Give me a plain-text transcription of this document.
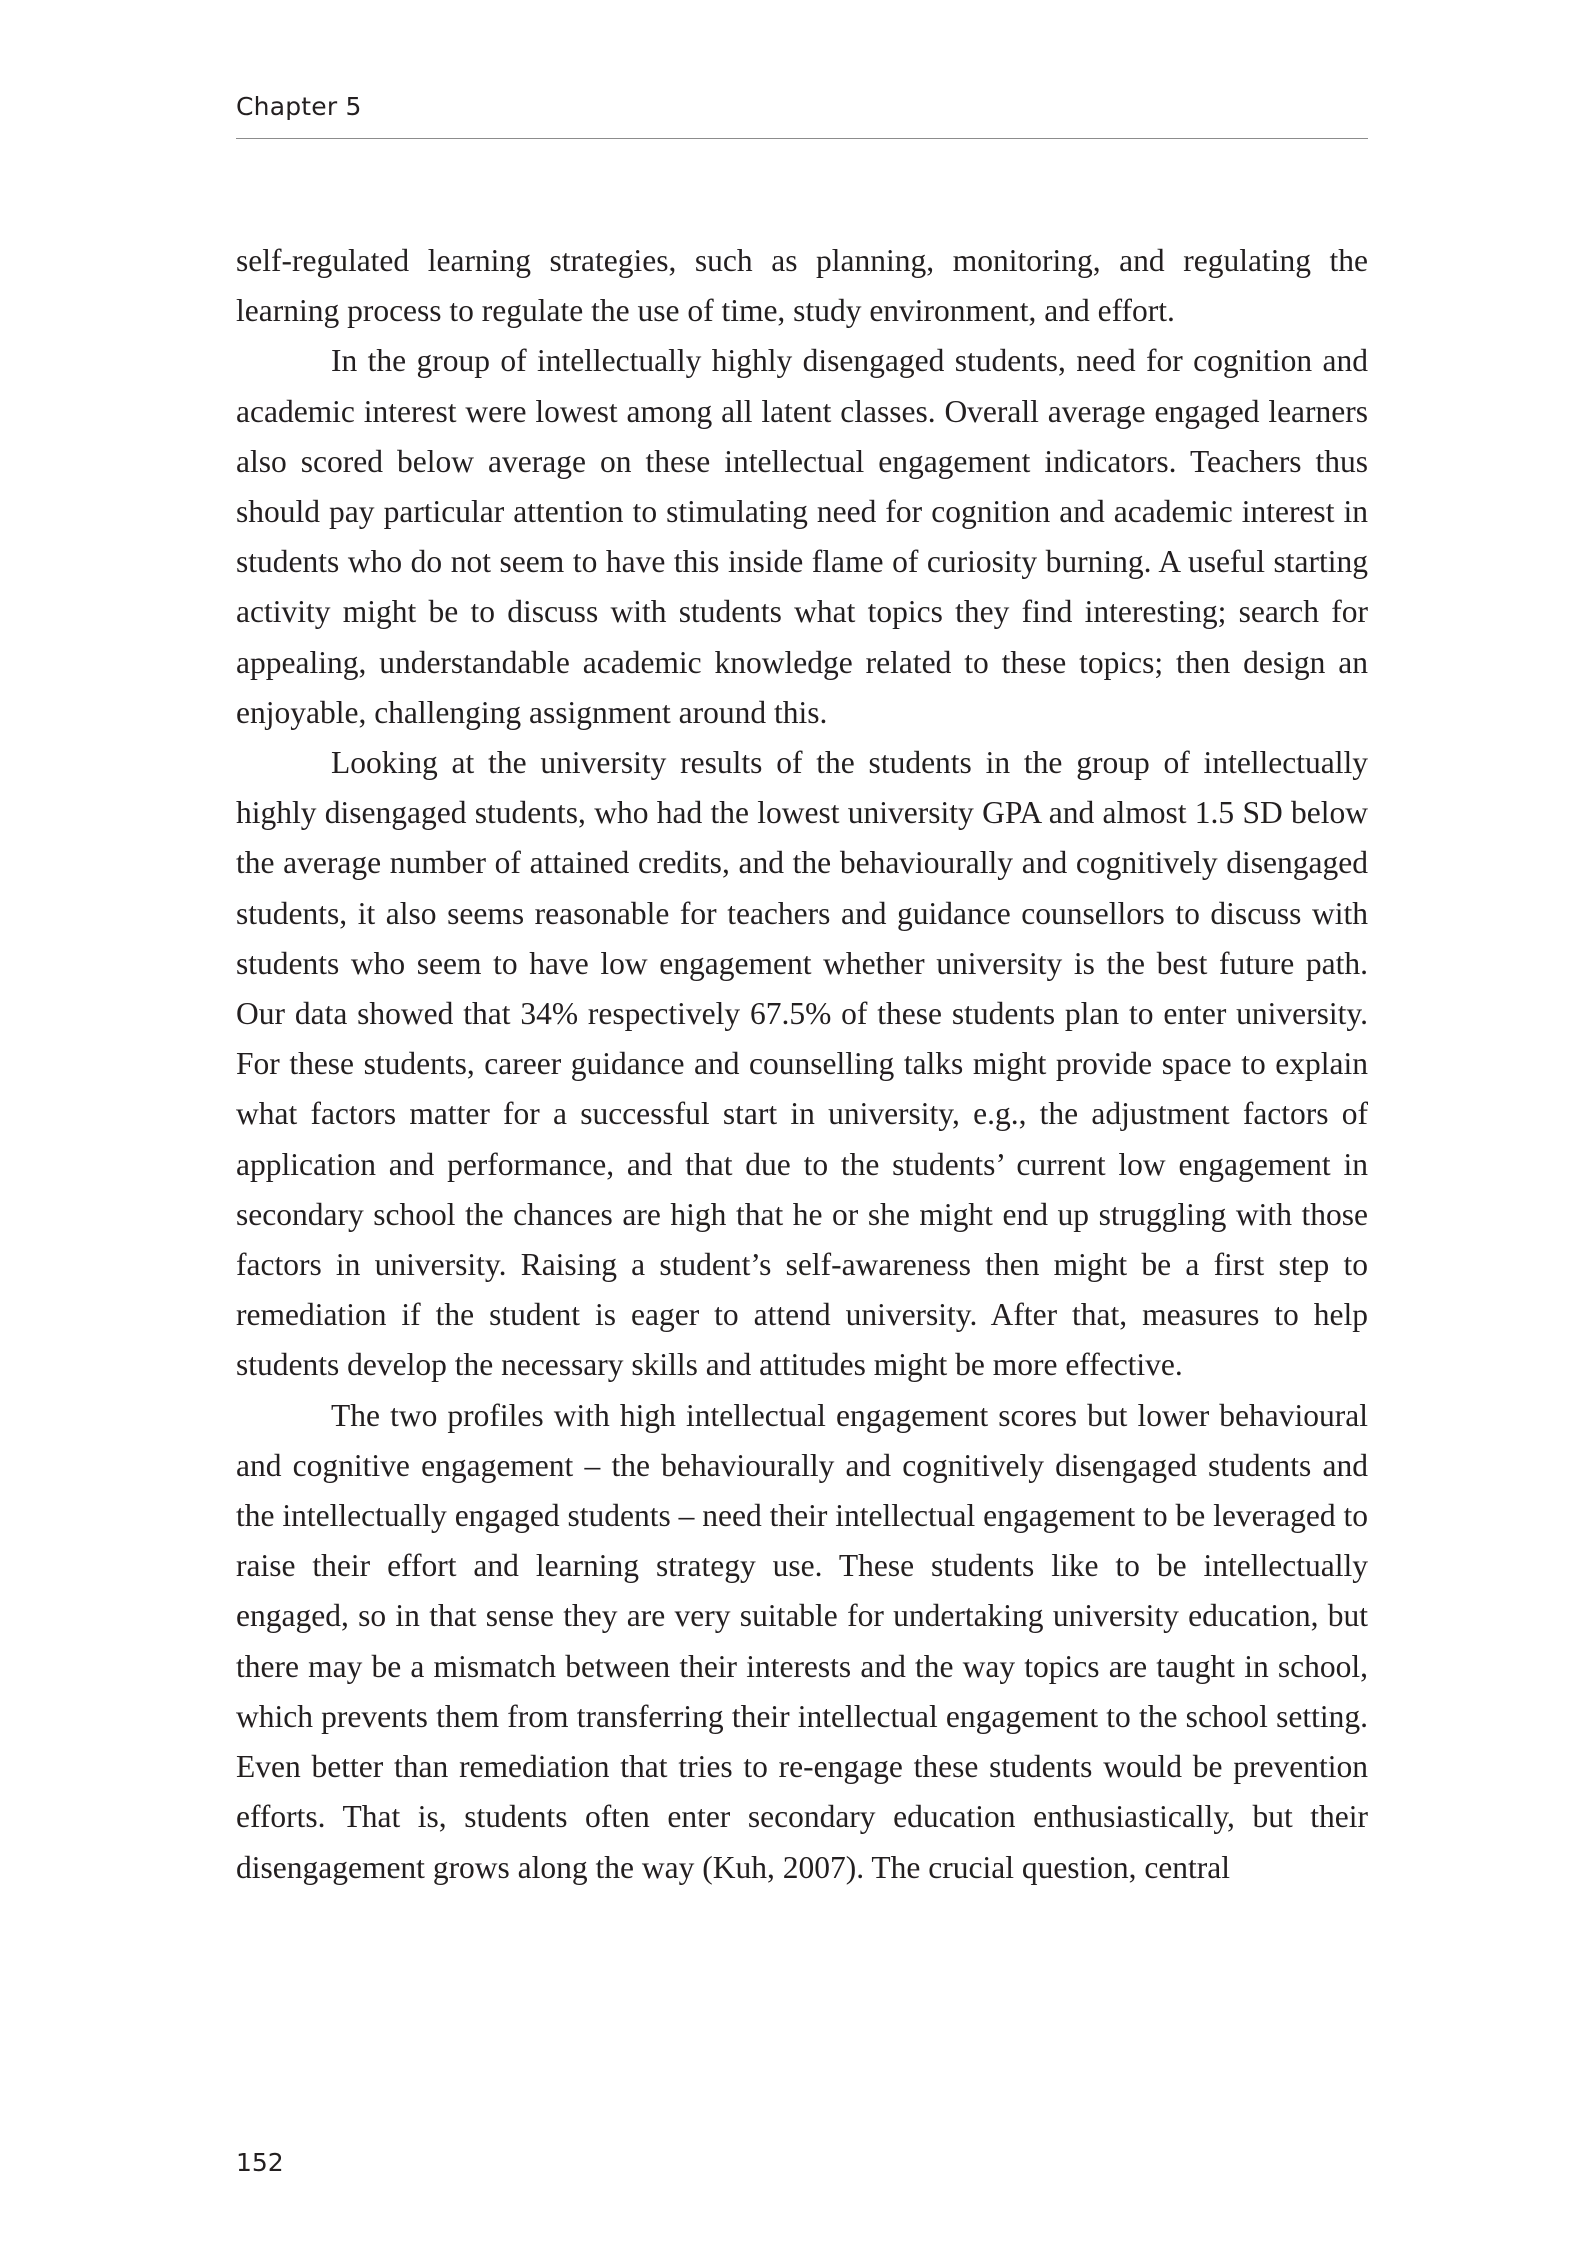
Chapter 5

self-regulated learning strategies, such as planning, monitoring, and regulating the learning process to regulate the use of time, study environment, and effort.

In the group of intellectually highly disengaged students, need for cognition and academic interest were lowest among all latent classes. Overall average engaged learners also scored below average on these intellectual engagement indicators. Teachers thus should pay particular attention to stimulating need for cognition and academic interest in students who do not seem to have this inside flame of curiosity burning. A useful starting activity might be to discuss with students what topics they find interesting; search for appealing, understandable academic knowledge related to these topics; then design an enjoyable, challenging assignment around this.

Looking at the university results of the students in the group of intellectually highly disengaged students, who had the lowest university GPA and almost 1.5 SD below the average number of attained credits, and the behaviourally and cognitively disengaged students, it also seems reasonable for teachers and guidance counsellors to discuss with students who seem to have low engagement whether university is the best future path. Our data showed that 34% respectively 67.5% of these students plan to enter university. For these students, career guidance and counselling talks might provide space to explain what factors matter for a successful start in university, e.g., the adjustment factors of application and performance, and that due to the students’ current low engagement in secondary school the chances are high that he or she might end up struggling with those factors in university. Raising a student’s self-awareness then might be a first step to remediation if the student is eager to attend university. After that, measures to help students develop the necessary skills and attitudes might be more effective.

The two profiles with high intellectual engagement scores but lower behavioural and cognitive engagement – the behaviourally and cognitively disengaged students and the intellectually engaged students – need their intellectual engagement to be leveraged to raise their effort and learning strategy use. These students like to be intellectually engaged, so in that sense they are very suitable for undertaking university education, but there may be a mismatch between their interests and the way topics are taught in school, which prevents them from transferring their intellectual engagement to the school setting. Even better than remediation that tries to re-engage these students would be prevention efforts. That is, students often enter secondary education enthusiastically, but their disengagement grows along the way (Kuh, 2007). The crucial question, central

152
